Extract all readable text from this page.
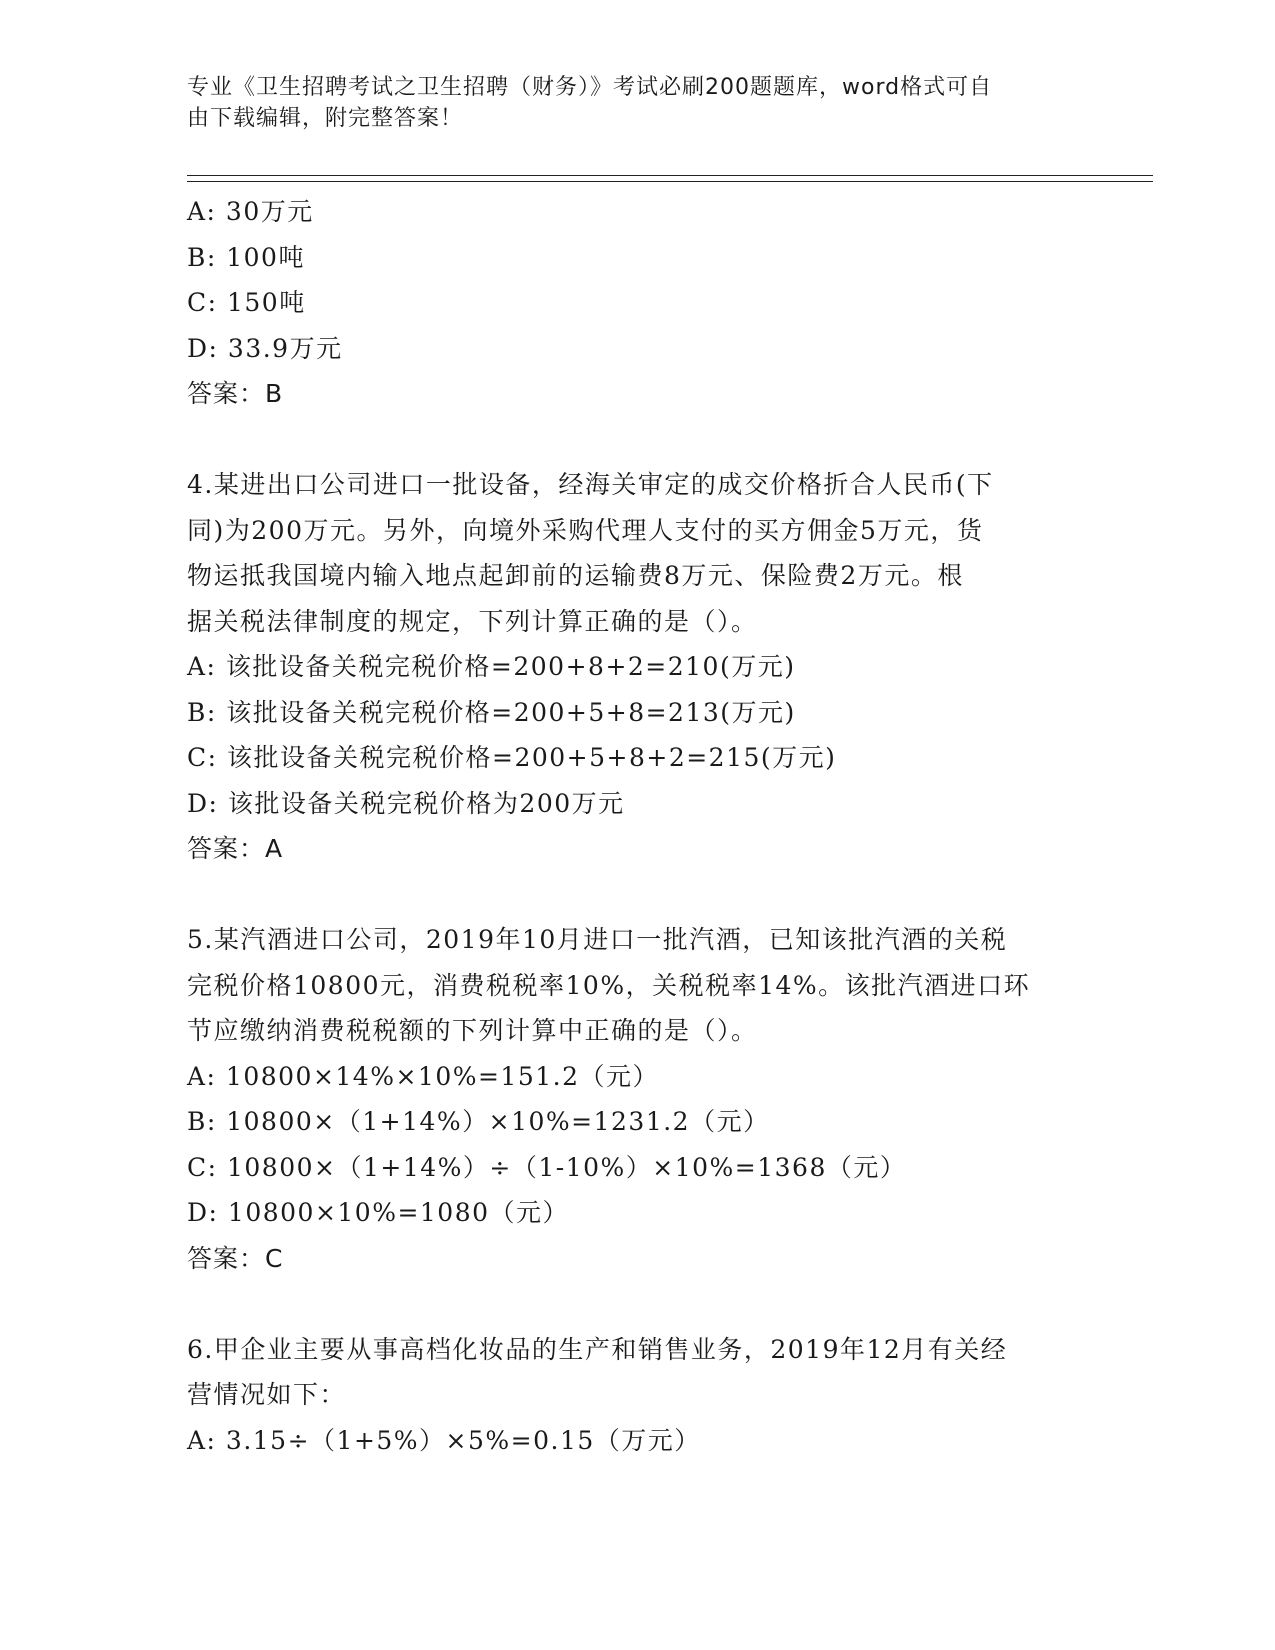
专业《卫生招聘考试之卫生招聘（财务）》考试必刷200题题库，word格式可自
由下载编辑，附完整答案！
A: 30万元
B: 100吨
C: 150吨
D: 33.9万元
答案：B
4.某进出口公司进口一批设备，经海关审定的成交价格折合人民币(下
同)为200万元。另外，向境外采购代理人支付的买方佣金5万元，货
物运抵我国境内输入地点起卸前的运输费8万元、保险费2万元。根
据关税法律制度的规定，下列计算正确的是（）。
A: 该批设备关税完税价格=200+8+2=210(万元)
B: 该批设备关税完税价格=200+5+8=213(万元)
C: 该批设备关税完税价格=200+5+8+2=215(万元)
D: 该批设备关税完税价格为200万元
答案：A
5.某汽酒进口公司，2019年10月进口一批汽酒，已知该批汽酒的关税
完税价格10800元，消费税税率10%，关税税率14%。该批汽酒进口环
节应缴纳消费税税额的下列计算中正确的是（）。
A: 10800×14%×10%=151.2（元）
B: 10800×（1+14%）×10%=1231.2（元）
C: 10800×（1+14%）÷（1-10%）×10%=1368（元）
D: 10800×10%=1080（元）
答案：C
6.甲企业主要从事高档化妆品的生产和销售业务，2019年12月有关经
营情况如下：
A: 3.15÷（1+5%）×5%=0.15（万元）
